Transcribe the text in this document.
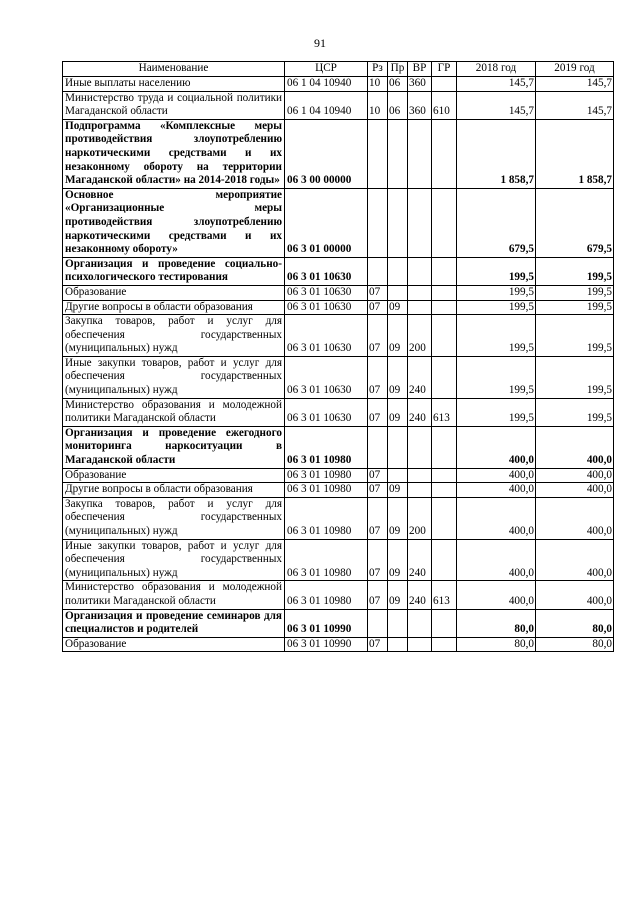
91
Наименование	ЦСР	Рз	Пр	ВР	ГР	2018 год	2019 год
Иные выплаты населению	06 1 04 10940	10	06	360		145,7	145,7
Министерство труда и социальной политики Магаданской области	06 1 04 10940	10	06	360	610	145,7	145,7
Подпрограмма «Комплексные меры противодействия злоупотреблению наркотическими средствами и их незаконному обороту на территории Магаданской области» на 2014-2018 годы»	06 3 00 00000					1 858,7	1 858,7
Основное мероприятие «Организационные меры противодействия злоупотреблению наркотическими средствами и их незаконному обороту»	06 3 01 00000					679,5	679,5
Организация и проведение социально-психологического тестирования	06 3 01 10630					199,5	199,5
Образование	06 3 01 10630	07				199,5	199,5
Другие вопросы в области образования	06 3 01 10630	07	09			199,5	199,5
Закупка товаров, работ и услуг для обеспечения государственных (муниципальных) нужд	06 3 01 10630	07	09	200		199,5	199,5
Иные закупки товаров, работ и услуг для обеспечения государственных (муниципальных) нужд	06 3 01 10630	07	09	240		199,5	199,5
Министерство образования и молодежной политики Магаданской области	06 3 01 10630	07	09	240	613	199,5	199,5
Организация и проведение ежегодного мониторинга наркоситуации в Магаданской области	06 3 01 10980					400,0	400,0
Образование	06 3 01 10980	07				400,0	400,0
Другие вопросы в области образования	06 3 01 10980	07	09			400,0	400,0
Закупка товаров, работ и услуг для обеспечения государственных (муниципальных) нужд	06 3 01 10980	07	09	200		400,0	400,0
Иные закупки товаров, работ и услуг для обеспечения государственных (муниципальных) нужд	06 3 01 10980	07	09	240		400,0	400,0
Министерство образования и молодежной политики Магаданской области	06 3 01 10980	07	09	240	613	400,0	400,0
Организация и проведение семинаров для специалистов и родителей	06 3 01 10990					80,0	80,0
Образование	06 3 01 10990	07				80,0	80,0
